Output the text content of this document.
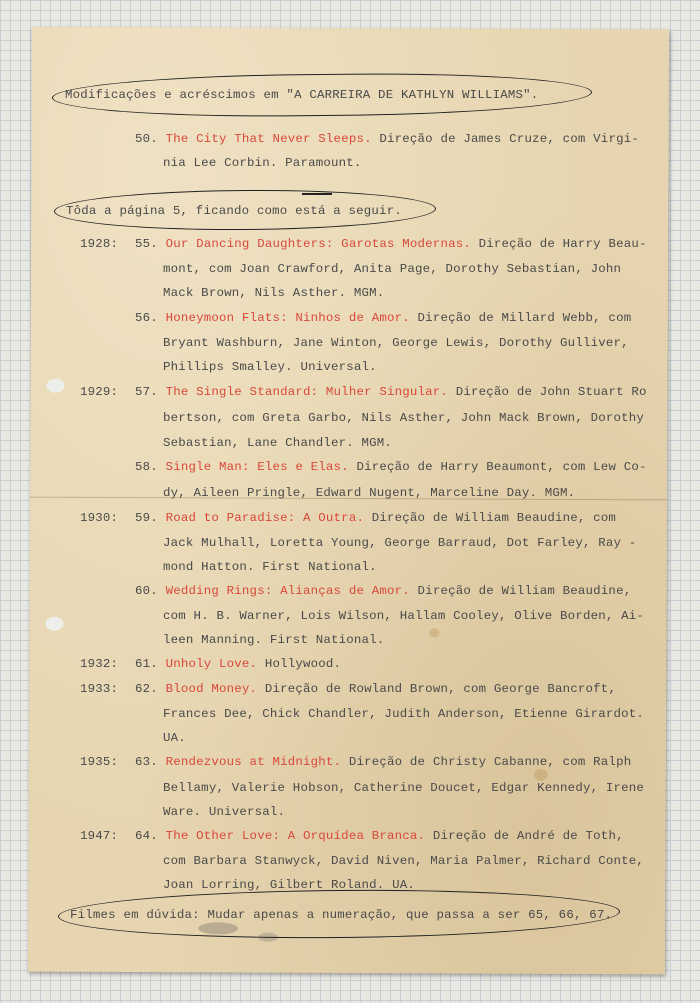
Modificações e acréscimos em "A CARREIRA DE KATHLYN WILLIAMS".
50. The City That Never Sleeps. Direção de James Cruze, com Virgi-
nia Lee Corbin. Paramount.
Tôda a página 5, ficando como está a seguir.
1928: 55. Our Dancing Daughters: Garotas Modernas. Direção de Harry Beau-
mont, com Joan Crawford, Anita Page, Dorothy Sebastian, John
Mack Brown, Nils Asther. MGM.
56. Honeymoon Flats: Ninhos de Amor. Direção de Millard Webb, com
Bryant Washburn, Jane Winton, George Lewis, Dorothy Gulliver,
Phillips Smalley. Universal.
1929: 57. The Single Standard: Mulher Singular. Direção de John Stuart Ro
bertson, com Greta Garbo, Nils Asther, John Mack Brown, Dorothy
Sebastian, Lane Chandler. MGM.
58. Single Man: Eles e Elas. Direção de Harry Beaumont, com Lew Co-
dy, Aileen Pringle, Edward Nugent, Marceline Day. MGM.
1930: 59. Road to Paradise: A Outra. Direção de William Beaudine, com
Jack Mulhall, Loretta Young, George Barraud, Dot Farley, Ray -
mond Hatton. First National.
60. Wedding Rings: Alianças de Amor. Direção de William Beaudine,
com H. B. Warner, Lois Wilson, Hallam Cooley, Olive Borden, Ai-
leen Manning. First National.
1932: 61. Unholy Love. Hollywood.
1933: 62. Blood Money. Direção de Rowland Brown, com George Bancroft,
Frances Dee, Chick Chandler, Judith Anderson, Etienne Girardot.
UA.
1935: 63. Rendezvous at Midnight. Direção de Christy Cabanne, com Ralph
Bellamy, Valerie Hobson, Catherine Doucet, Edgar Kennedy, Irene
Ware. Universal.
1947: 64. The Other Love: A Orquídea Branca. Direção de André de Toth,
com Barbara Stanwyck, David Niven, Maria Palmer, Richard Conte,
Joan Lorring, Gilbert Roland. UA.
Filmes em dúvida: Mudar apenas a numeração, que passa a ser 65, 66, 67.
